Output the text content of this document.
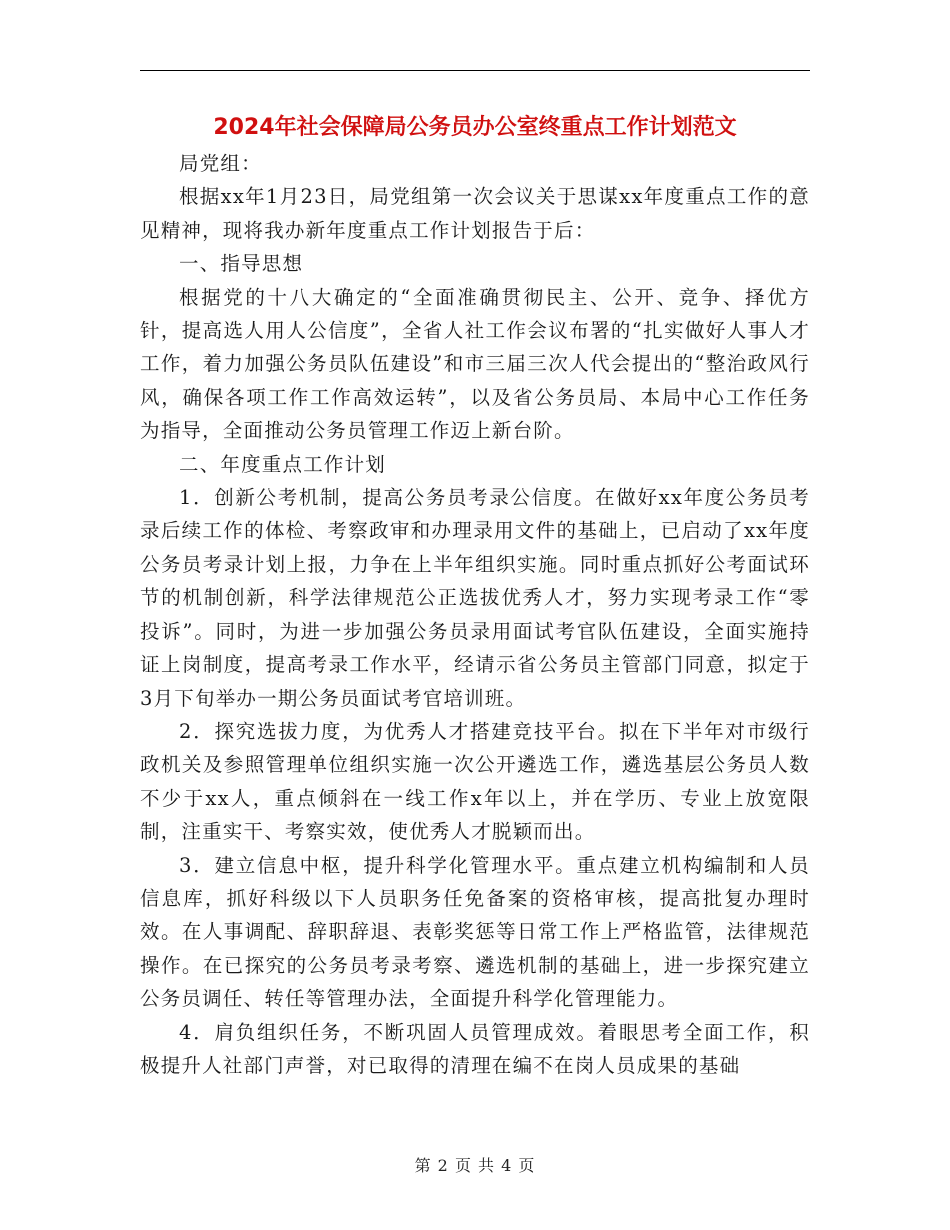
2024年社会保障局公务员办公室终重点工作计划范文

局党组：

根据xx年1月23日，局党组第一次会议关于思谋xx年度重点工作的意见精神，现将我办新年度重点工作计划报告于后：

一、指导思想

根据党的十八大确定的“全面准确贯彻民主、公开、竞争、择优方针，提高选人用人公信度”，全省人社工作会议布署的“扎实做好人事人才工作，着力加强公务员队伍建设”和市三届三次人代会提出的“整治政风行风，确保各项工作工作高效运转”，以及省公务员局、本局中心工作任务为指导，全面推动公务员管理工作迈上新台阶。

二、年度重点工作计划

1．创新公考机制，提高公务员考录公信度。在做好xx年度公务员考录后续工作的体检、考察政审和办理录用文件的基础上，已启动了xx年度公务员考录计划上报，力争在上半年组织实施。同时重点抓好公考面试环节的机制创新，科学法律规范公正选拔优秀人才，努力实现考录工作“零投诉”。同时，为进一步加强公务员录用面试考官队伍建设，全面实施持证上岗制度，提高考录工作水平，经请示省公务员主管部门同意，拟定于3月下旬举办一期公务员面试考官培训班。

2．探究选拔力度，为优秀人才搭建竞技平台。拟在下半年对市级行政机关及参照管理单位组织实施一次公开遴选工作，遴选基层公务员人数不少于xx人，重点倾斜在一线工作x年以上，并在学历、专业上放宽限制，注重实干、考察实效，使优秀人才脱颖而出。

3．建立信息中枢，提升科学化管理水平。重点建立机构编制和人员信息库，抓好科级以下人员职务任免备案的资格审核，提高批复办理时效。在人事调配、辞职辞退、表彰奖惩等日常工作上严格监管，法律规范操作。在已探究的公务员考录考察、遴选机制的基础上，进一步探究建立公务员调任、转任等管理办法，全面提升科学化管理能力。

4．肩负组织任务，不断巩固人员管理成效。着眼思考全面工作，积极提升人社部门声誉，对已取得的清理在编不在岗人员成果的基础

第 2 页 共 4 页
